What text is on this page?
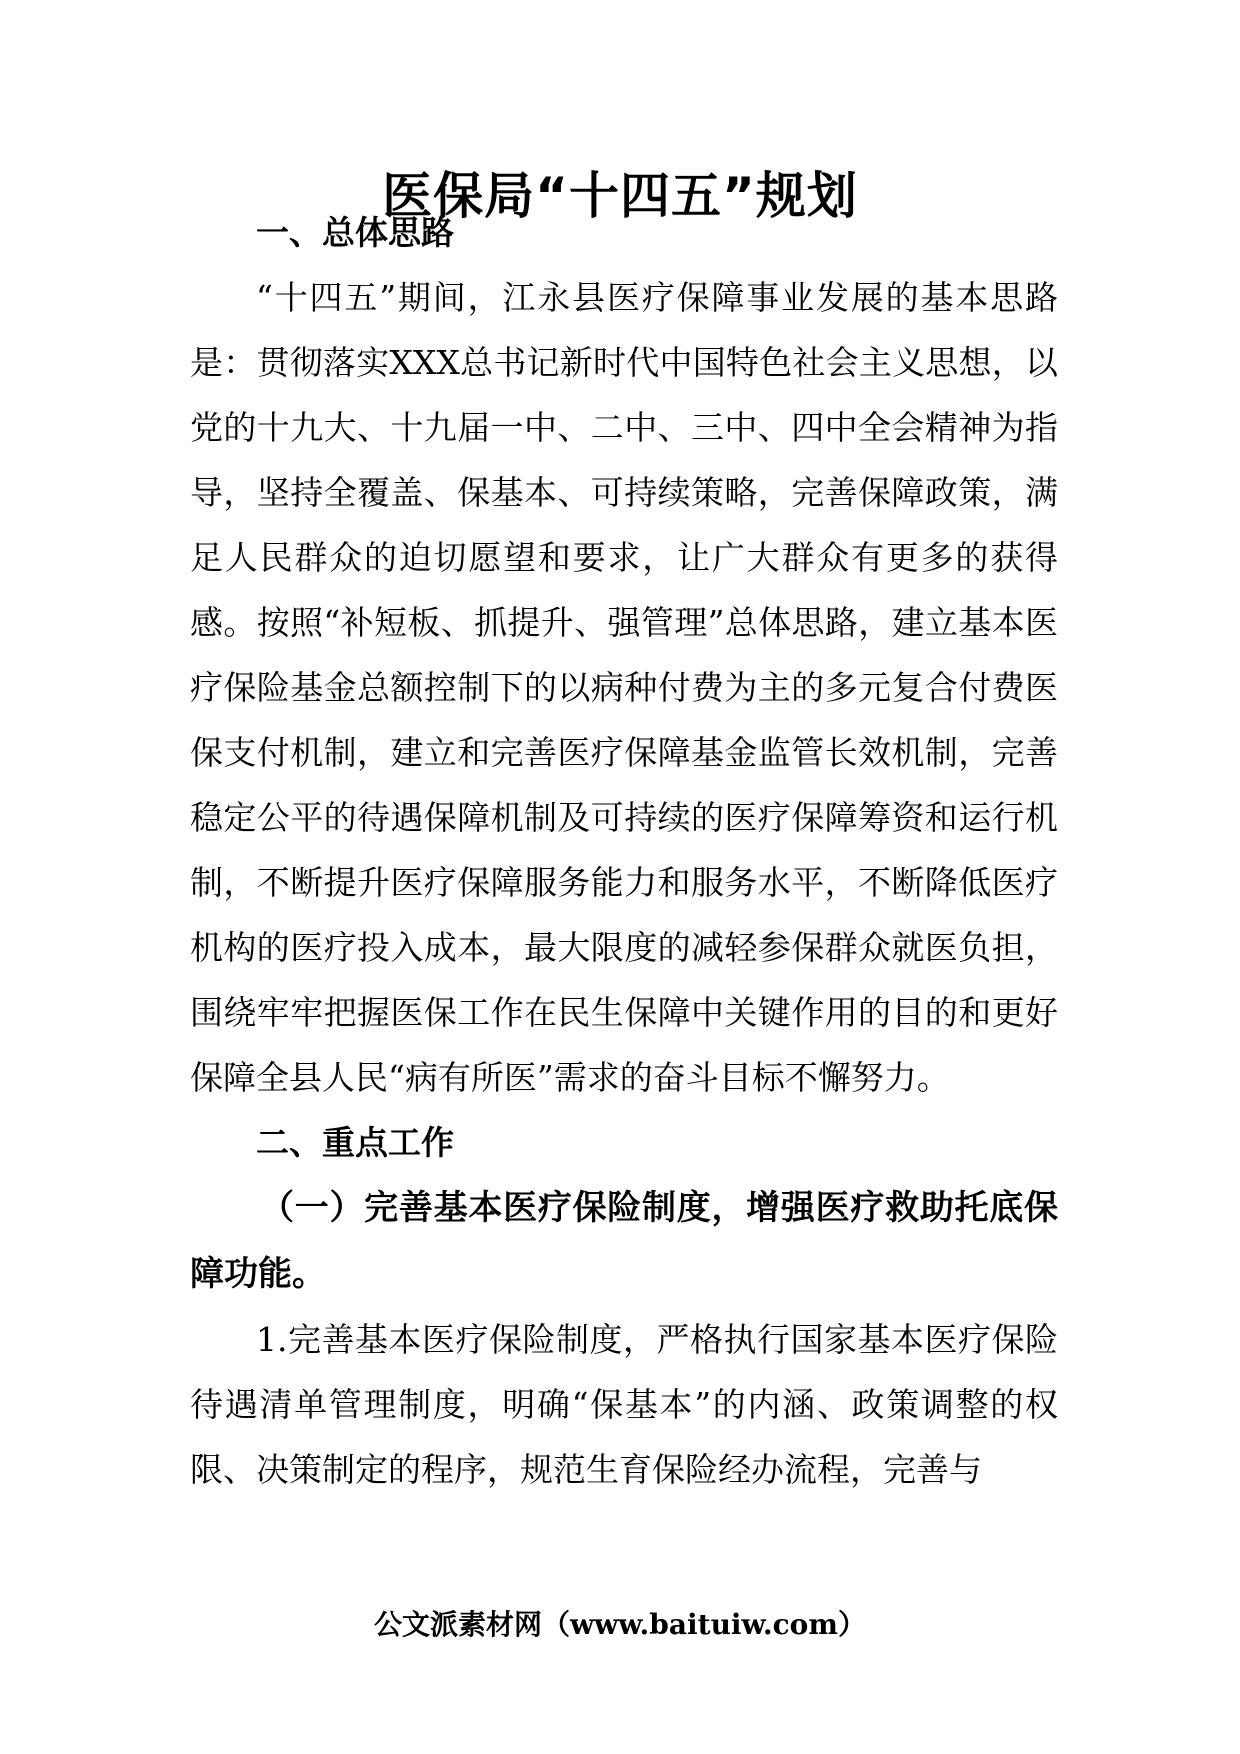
医保局“十四五”规划
一、总体思路

“十四五”期间，江永县医疗保障事业发展的基本思路是：贯彻落实XXX总书记新时代中国特色社会主义思想，以党的十九大、十九届一中、二中、三中、四中全会精神为指导，坚持全覆盖、保基本、可持续策略，完善保障政策，满足人民群众的迫切愿望和要求，让广大群众有更多的获得感。按照“补短板、抓提升、强管理”总体思路，建立基本医疗保险基金总额控制下的以病种付费为主的多元复合付费医保支付机制，建立和完善医疗保障基金监管长效机制，完善稳定公平的待遇保障机制及可持续的医疗保障筹资和运行机制，不断提升医疗保障服务能力和服务水平，不断降低医疗机构的医疗投入成本，最大限度的减轻参保群众就医负担，围绕牢牢把握医保工作在民生保障中关键作用的目的和更好保障全县人民“病有所医”需求的奋斗目标不懈努力。

二、重点工作

（一）完善基本医疗保险制度，增强医疗救助托底保障功能。

1.完善基本医疗保险制度，严格执行国家基本医疗保险待遇清单管理制度，明确“保基本”的内涵、政策调整的权限、决策制定的程序，规范生育保险经办流程，完善与

公文派素材网（www.baituiw.com）
